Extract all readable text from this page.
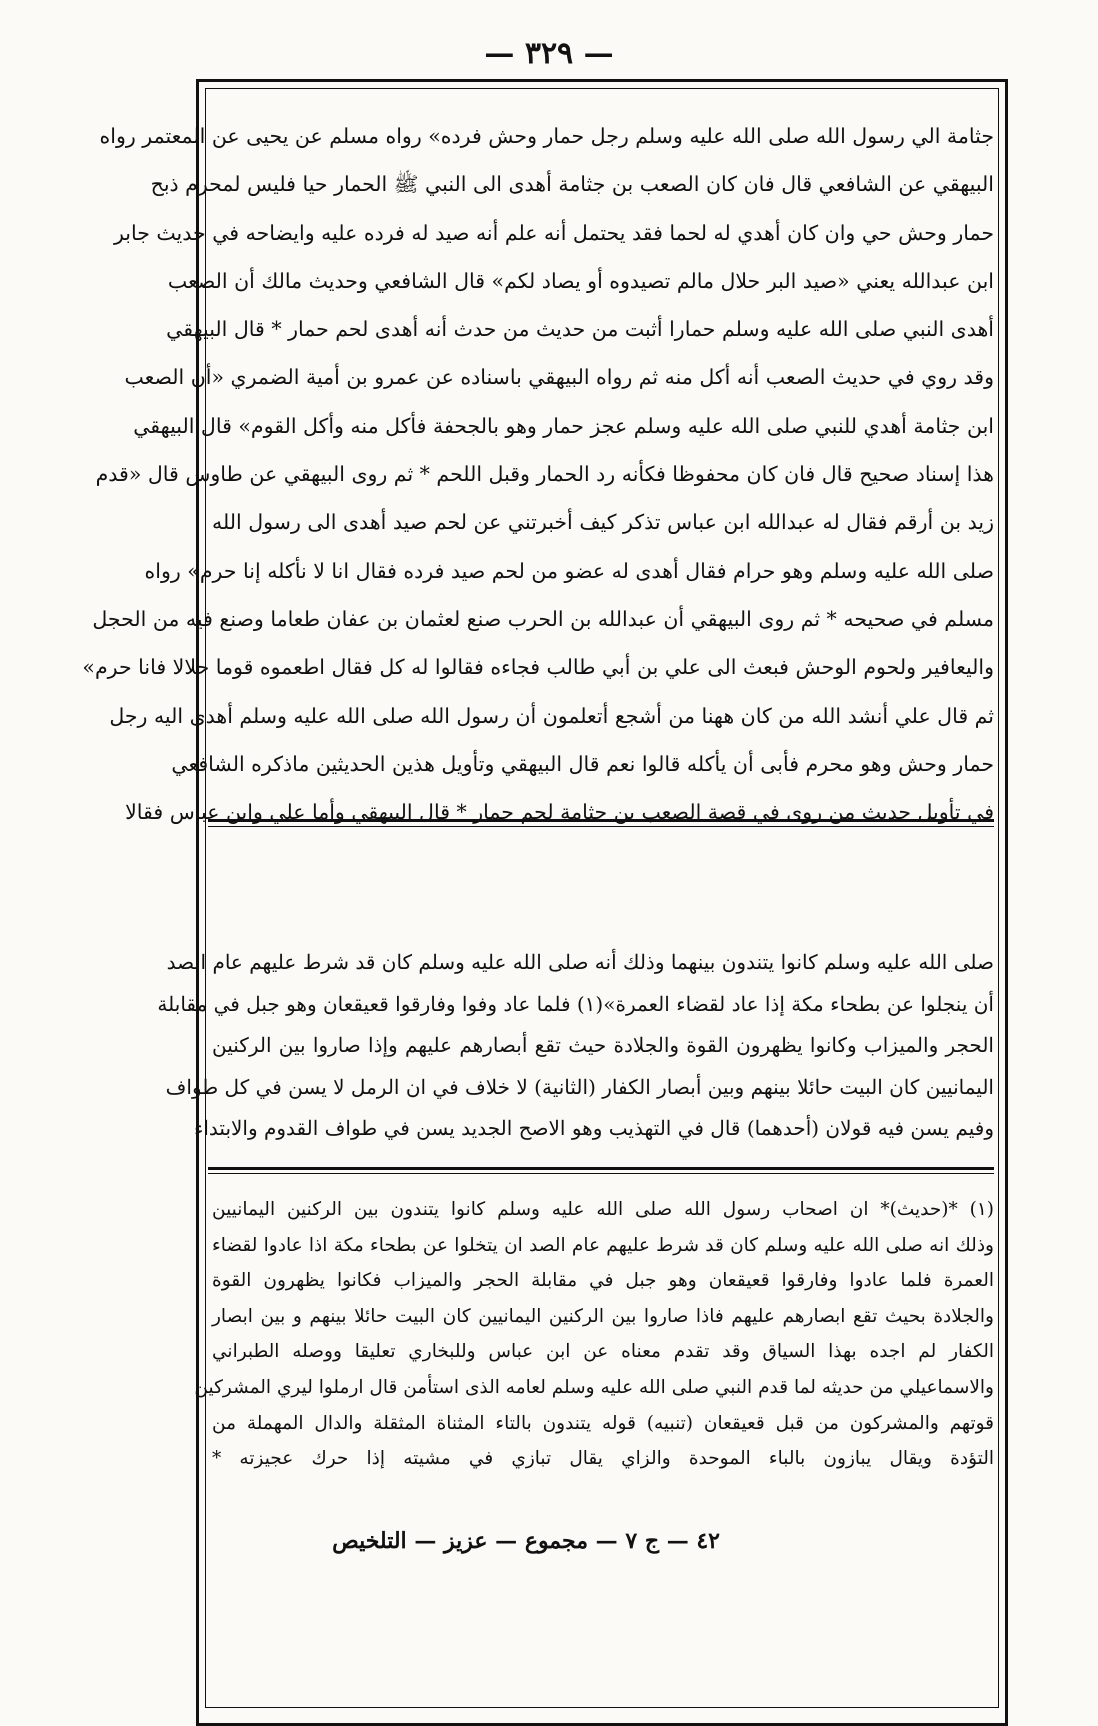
— ٣٢٩ —
جثامة الي رسول الله صلى الله عليه وسلم رجل حمار وحش فرده» رواه مسلم عن يحيى عن المعتمر رواه
البيهقي عن الشافعي قال فان كان الصعب بن جثامة أهدى الى النبي ﷺ الحمار حيا فليس لمحرم ذبح
حمار وحش حي وان كان أهدي له لحما فقد يحتمل أنه علم أنه صيد له فرده عليه وايضاحه في حديث جابر
ابن عبدالله يعني «صيد البر حلال مالم تصيدوه أو يصاد لكم» قال الشافعي وحديث مالك أن الصعب
أهدى النبي صلى الله عليه وسلم حمارا أثبت من حديث من حدث أنه أهدى لحم حمار * قال البيهقي
وقد روي في حديث الصعب أنه أكل منه ثم رواه البيهقي باسناده عن عمرو بن أمية الضمري «أن الصعب
ابن جثامة أهدي للنبي صلى الله عليه وسلم عجز حمار وهو بالجحفة فأكل منه وأكل القوم» قال البيهقي
هذا إسناد صحيح قال فان كان محفوظا فكأنه رد الحمار وقبل اللحم * ثم روى البيهقي عن طاوس قال «قدم
زيد بن أرقم فقال له عبدالله ابن عباس تذكر كيف أخبرتني عن لحم صيد أهدى الى رسول الله
صلى الله عليه وسلم وهو حرام فقال أهدى له عضو من لحم صيد فرده فقال انا لا نأكله إنا حرم» رواه
مسلم في صحيحه * ثم روى البيهقي أن عبدالله بن الحرب صنع لعثمان بن عفان طعاما وصنع فيه من الحجل
واليعافير ولحوم الوحش فبعث الى علي بن أبي طالب فجاءه فقالوا له كل فقال اطعموه قوما حلالا فانا حرم»
ثم قال علي أنشد الله من كان ههنا من أشجع أتعلمون أن رسول الله صلى الله عليه وسلم أهدى اليه رجل
حمار وحش وهو محرم فأبى أن يأكله قالوا نعم قال البيهقي وتأويل هذين الحديثين ماذكره الشافعي
في تأويل حديث من روى في قصة الصعب بن جثامة لحم حمار * قال البيهقي وأما علي وابن عباس فقالا
صلى الله عليه وسلم كانوا يتندون بينهما وذلك أنه صلى الله عليه وسلم كان قد شرط عليهم عام الصد
أن ينجلوا عن بطحاء مكة إذا عاد لقضاء العمرة»(١) فلما عاد وفوا وفارقوا قعيقعان وهو جبل في مقابلة
الحجر والميزاب وكانوا يظهرون القوة والجلادة حيث تقع أبصارهم عليهم وإذا صاروا بين الركنين
اليمانيين كان البيت حائلا بينهم وبين أبصار الكفار (الثانية) لا خلاف في ان الرمل لا يسن في كل طواف
وفيم يسن فيه قولان (أحدهما) قال في التهذيب وهو الاصح الجديد يسن في طواف القدوم والابتداء
(١) *(حديث)* ان اصحاب رسول الله صلى الله عليه وسلم كانوا يتندون بين الركنين اليمانيين
وذلك انه صلى الله عليه وسلم كان قد شرط عليهم عام الصد ان يتخلوا عن بطحاء مكة اذا عادوا لقضاء
العمرة فلما عادوا وفارقوا قعيقعان وهو جبل في مقابلة الحجر والميزاب فكانوا يظهرون القوة
والجلادة بحيث تقع ابصارهم عليهم فاذا صاروا بين الركنين اليمانيين كان البيت حائلا بينهم و بين ابصار
الكفار لم اجده بهذا السياق وقد تقدم معناه عن ابن عباس وللبخاري تعليقا ووصله الطبراني
والاسماعيلي من حديثه لما قدم النبي صلى الله عليه وسلم لعامه الذى استأمن قال ارملوا ليري المشركين
قوتهم والمشركون من قبل قعيقعان (تنبيه) قوله يتندون بالتاء المثناة المثقلة والدال المهملة من
التؤدة ويقال يبازون بالباء الموحدة والزاي يقال تبازي في مشيته إذا حرك عجيزته *
٤٢ — ج ٧ — مجموع — عزيز — التلخيص
